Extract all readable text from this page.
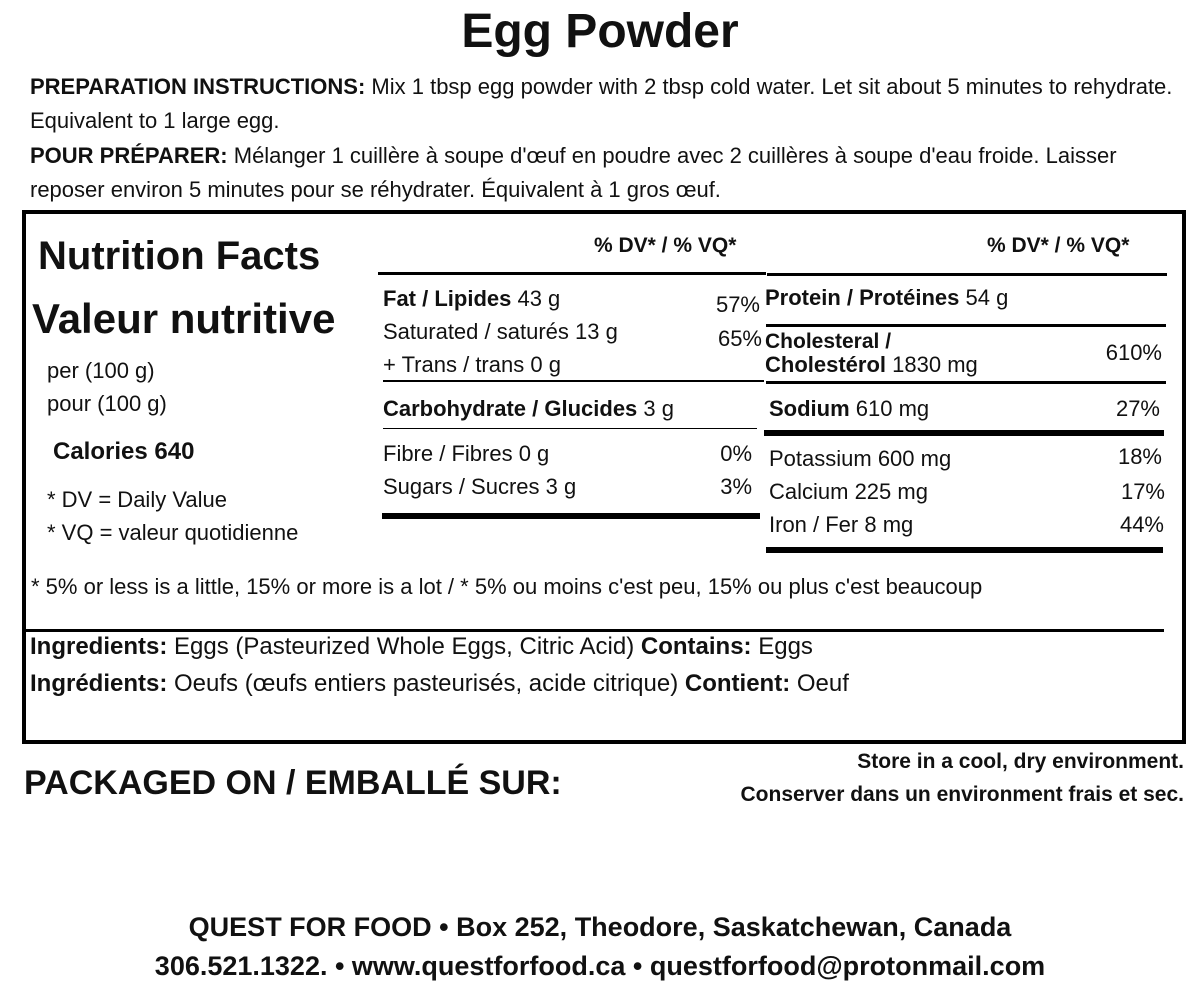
Egg Powder
PREPARATION INSTRUCTIONS: Mix 1 tbsp egg powder with 2 tbsp cold water. Let sit about 5 minutes to rehydrate. Equivalent to 1 large egg.
POUR PRÉPARER: Mélanger 1 cuillère à soupe d'œuf en poudre avec 2 cuillères à soupe d'eau froide. Laisser reposer environ 5 minutes pour se réhydrater. Équivalent à 1 gros œuf.
Nutrition Facts
Valeur nutritive
per (100 g)
pour (100 g)
Calories 640
* DV = Daily Value
* VQ = valeur quotidienne
% DV* / % VQ*
Fat / Lipides 43 g	57%
Saturated / saturés 13 g	65%
+ Trans / trans 0 g
Carbohydrate / Glucides 3 g
Fibre / Fibres 0 g	0%
Sugars / Sucres 3 g	3%
% DV* / % VQ*
Protein / Protéines 54 g
Cholesteral /
Cholestérol 1830 mg	610%
Sodium 610 mg	27%
Potassium 600 mg	18%
Calcium 225 mg	17%
Iron / Fer 8 mg	44%
* 5% or less is a little, 15% or more is a lot / * 5% ou moins c'est peu, 15% ou plus c'est beaucoup
Ingredients: Eggs (Pasteurized Whole Eggs, Citric Acid) Contains: Eggs
Ingrédients: Oeufs (œufs entiers pasteurisés, acide citrique) Contient: Oeuf
PACKAGED ON / EMBALLÉ SUR:
Store in a cool, dry environment.
Conserver dans un environment frais et sec.
QUEST FOR FOOD • Box 252, Theodore, Saskatchewan, Canada
306.521.1322. • www.questforfood.ca • questforfood@protonmail.com
